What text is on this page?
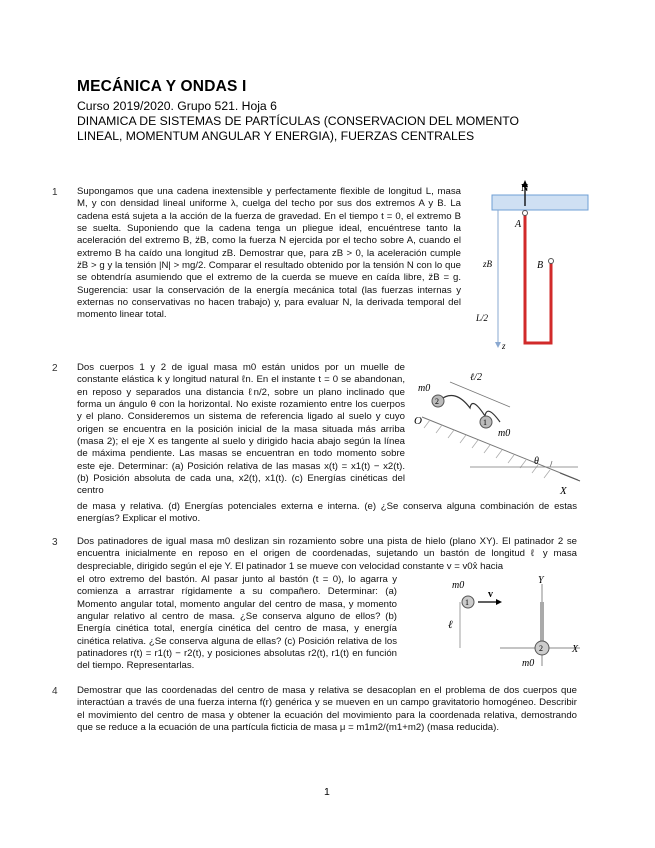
MECÁNICA Y ONDAS I
Curso 2019/2020. Grupo 521. Hoja 6
DINAMICA DE SISTEMAS DE PARTÍCULAS (CONSERVACION DEL MOMENTO
LINEAL, MOMENTUM ANGULAR Y ENERGIA), FUERZAS CENTRALES
1 Supongamos que una cadena inextensible y perfectamente flexible de longitud L, masa M, y con densidad lineal uniforme λ, cuelga del techo por sus dos extremos A y B. La cadena está sujeta a la acción de la fuerza de gravedad. En el tiempo t = 0, el extremo B se suelta. Suponiendo que la cadena tenga un pliegue ideal, encuéntrese tanto la aceleración del extremo B, z̈B, como la fuerza N ejercida por el techo sobre A, cuando el extremo B ha caído una longitud zB. Demostrar que, para zB > 0, la aceleración cumple z̈B > g y la tensión |N| > mg/2. Comparar el resultado obtenido por la tensión N con lo que se obtendría asumiendo que el extremo de la cuerda se mueve en caída libre, z̈B = g. Sugerencia: usar la conservación de la energía mecánica total (las fuerzas internas y externas no conservativas no hacen trabajo) y, para evaluar N, la derivada temporal del momento linear total.
N
A
B
zB
L/2
z
2 Dos cuerpos 1 y 2 de igual masa m0 están unidos por un muelle de constante elástica k y longitud natural ℓn. En el instante t = 0 se abandonan, en reposo y separados una distancia ℓn/2, sobre un plano inclinado que forma un ángulo θ con la horizontal. No existe rozamiento entre los cuerpos y el plano. Consideremos un sistema de referencia ligado al suelo y cuyo origen se encuentra en la posición inicial de la masa situada más arriba (masa 2); el eje X es tangente al suelo y dirigido hacia abajo según la línea de máxima pendiente. Las masas se encuentran en todo momento sobre este eje. Determinar: (a) Posición relativa de las masas x(t) = x1(t) − x2(t). (b) Posición absoluta de cada una, x2(t), x1(t). (c) Energías cinéticas del centro
de masa y relativa. (d) Energías potenciales externa e interna. (e) ¿Se conserva alguna combinación de estas energías? Explicar el motivo.
θ
X
2
1
ℓ/2
m0
m0
O
3 Dos patinadores de igual masa m0 deslizan sin rozamiento sobre una pista de hielo (plano XY). El patinador 2 se encuentra inicialmente en reposo en el origen de coordenadas, sujetando un bastón de longitud ℓ y masa despreciable, dirigido según el eje Y. El patinador 1 se mueve con velocidad constante v = v0x̂ hacia
el otro extremo del bastón. Al pasar junto al bastón (t = 0), lo agarra y comienza a arrastrar rígidamente a su compañero. Determinar: (a) Momento angular total, momento angular del centro de masa, y momento angular relativo al centro de masa. ¿Se conserva alguno de ellos? (b) Energía cinética total, energía cinética del centro de masa, y energía cinética relativa. ¿Se conserva alguna de ellas? (c) Posición relativa de los patinadores r(t) = r1(t) − r2(t), y posiciones absolutas r2(t), r1(t) en función del tiempo. Representarlas.
Y
X
ℓ
1
v
m0
2
m0
4 Demostrar que las coordenadas del centro de masa y relativa se desacoplan en el problema de dos cuerpos que interactúan a través de una fuerza interna f(r) genérica y se mueven en un campo gravitatorio homogéneo. Describir el movimiento del centro de masa y obtener la ecuación del movimiento para la coordenada relativa, demostrando que se reduce a la ecuación de una partícula ficticia de masa μ = m1m2/(m1+m2) (masa reducida).
1
